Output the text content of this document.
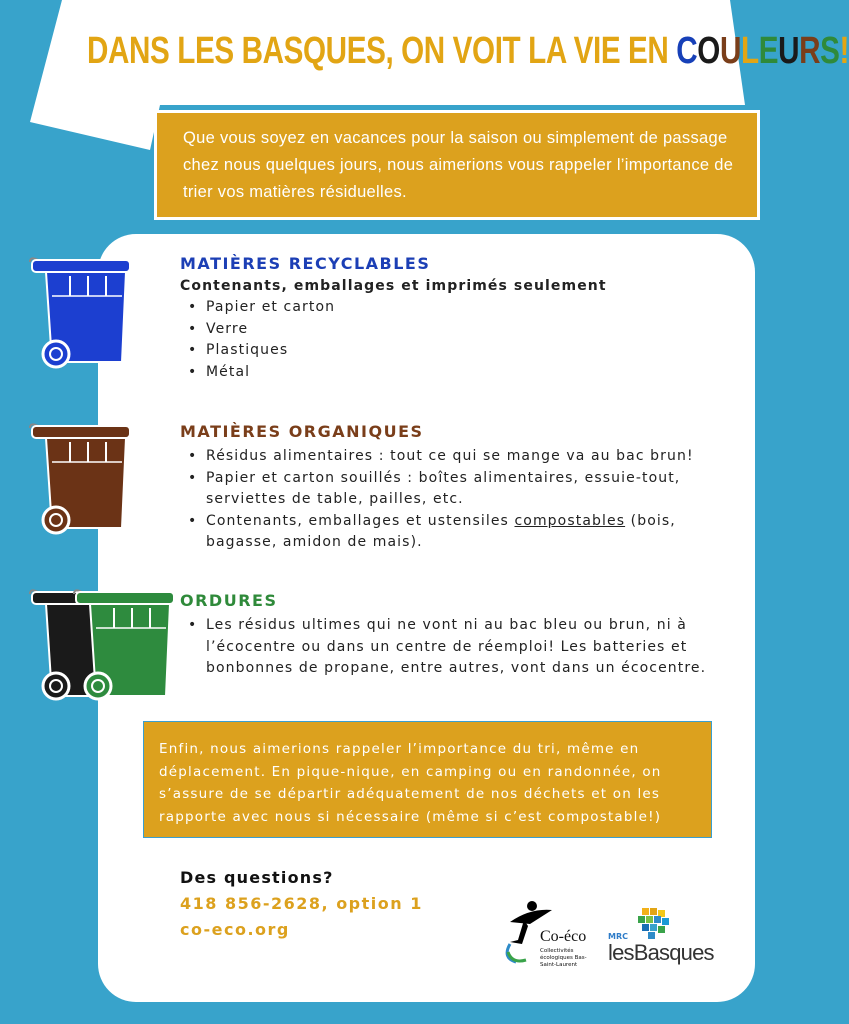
DANS LES BASQUES, ON VOIT LA VIE EN COULEURS!
Que vous soyez en vacances pour la saison ou simplement de passage chez nous quelques jours, nous aimerions vous rappeler l’importance de trier vos matières résiduelles.
MATIÈRES RECYCLABLES
Contenants, emballages et imprimés seulement
• Papier et carton
• Verre
• Plastiques
• Métal
MATIÈRES ORGANIQUES
• Résidus alimentaires : tout ce qui se mange va au bac brun!
• Papier et carton souillés : boîtes alimentaires, essuie-tout, serviettes de table, pailles, etc.
• Contenants, emballages et ustensiles compostables (bois, bagasse, amidon de mais).
ORDURES
• Les résidus ultimes qui ne vont ni au bac bleu ou brun, ni à l’écocentre ou dans un centre de réemploi! Les batteries et bonbonnes de propane, entre autres, vont dans un écocentre.
Enfin, nous aimerions rappeler l’importance du tri, même en déplacement. En pique-nique, en camping ou en randonnée, on s’assure de se départir adéquatement de nos déchets et on les rapporte avec nous si nécessaire (même si c’est compostable!)
Des questions?
418 856-2628, option 1
co-eco.org	Co-éco
Collectivités écologiques Bas-Saint-Laurent
MRC
lesBasques
